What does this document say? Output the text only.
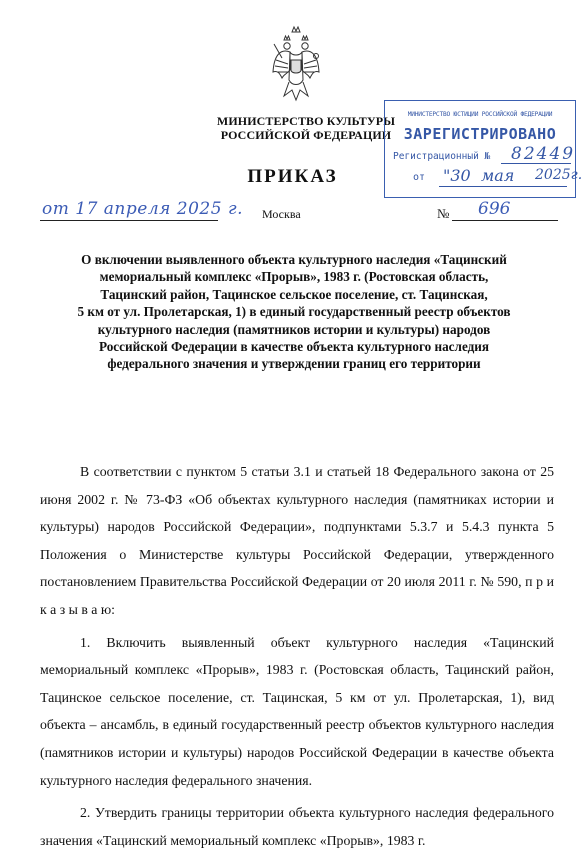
МИНИСТЕРСТВО КУЛЬТУРЫ
РОССИЙСКОЙ ФЕДЕРАЦИИ
МИНИСТЕРСТВО ЮСТИЦИИ РОССИЙСКОЙ ФЕДЕРАЦИИ
ЗАРЕГИСТРИРОВАНО
Регистрационный № 82449
от "30 мая 2025г.
ПРИКАЗ
от 17 апреля 2025 г. Москва	№ 696
О включении выявленного объекта культурного наследия «Тацинский
мемориальный комплекс «Прорыв», 1983 г. (Ростовская область,
Тацинский район, Тацинское сельское поселение, ст. Тацинская,
5 км от ул. Пролетарская, 1) в единый государственный реестр объектов
культурного наследия (памятников истории и культуры) народов
Российской Федерации в качестве объекта культурного наследия
федерального значения и утверждении границ его территории

В соответствии с пунктом 5 статьи 3.1 и статьей 18 Федерального закона от 25 июня 2002 г. № 73-ФЗ «Об объектах культурного наследия (памятниках истории и культуры) народов Российской Федерации», подпунктами 5.3.7 и 5.4.3 пункта 5 Положения о Министерстве культуры Российской Федерации, утвержденного постановлением Правительства Российской Федерации от 20 июля 2011 г. № 590, п р и к а з ы в а ю:

1. Включить выявленный объект культурного наследия «Тацинский мемориальный комплекс «Прорыв», 1983 г. (Ростовская область, Тацинский район, Тацинское сельское поселение, ст. Тацинская, 5 км от ул. Пролетарская, 1), вид объекта – ансамбль, в единый государственный реестр объектов культурного наследия (памятников истории и культуры) народов Российской Федерации в качестве объекта культурного наследия федерального значения.

2. Утвердить границы территории объекта культурного наследия федерального значения «Тацинский мемориальный комплекс «Прорыв», 1983 г.
